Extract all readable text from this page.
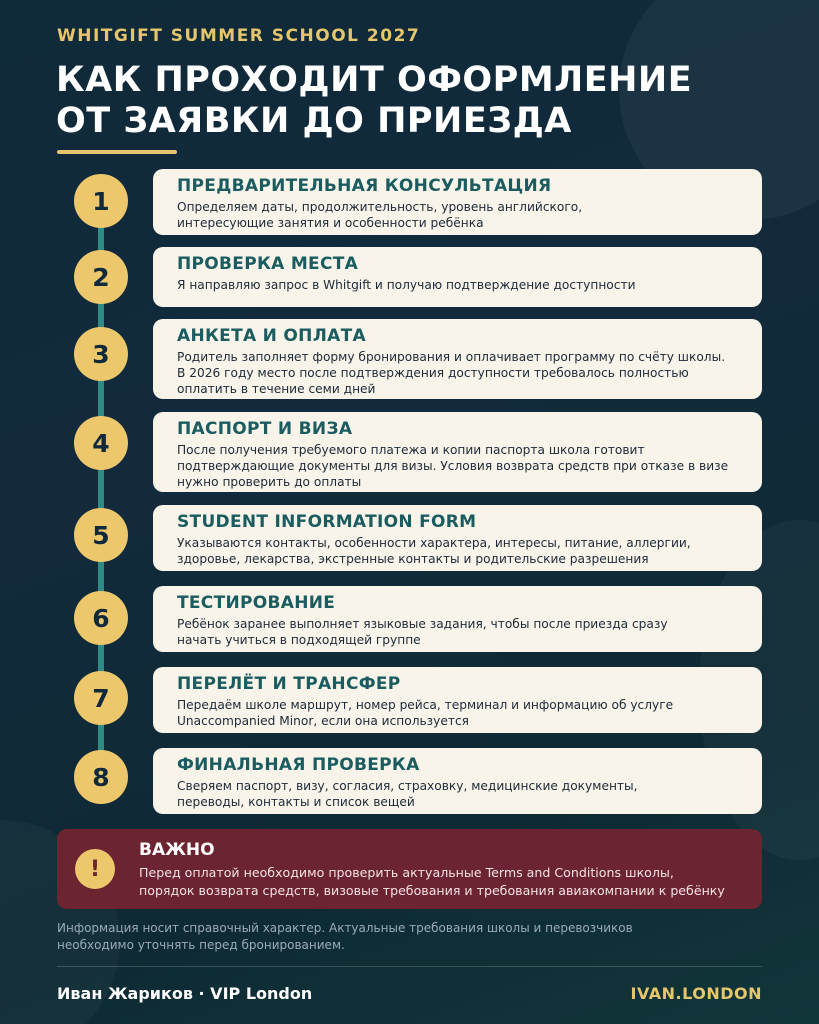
WHITGIFT SUMMER SCHOOL 2027
КАК ПРОХОДИТ ОФОРМЛЕНИЕ
ОТ ЗАЯВКИ ДО ПРИЕЗДА
1
ПРЕДВАРИТЕЛЬНАЯ КОНСУЛЬТАЦИЯ
Определяем даты, продолжительность, уровень английского,
интересующие занятия и особенности ребёнка
2	ПРОВЕРКА МЕСТА
Я направляю запрос в Whitgift и получаю подтверждение доступности
3
АНКЕТА И ОПЛАТА
Родитель заполняет форму бронирования и оплачивает программу по счёту школы.
В 2026 году место после подтверждения доступности требовалось полностью
оплатить в течение семи дней
4	ПАСПОРТ И ВИЗА
После получения требуемого платежа и копии паспорта школа готовит
подтверждающие документы для визы. Условия возврата средств при отказе в визе
нужно проверить до оплаты
5	STUDENT INFORMATION FORM
Указываются контакты, особенности характера, интересы, питание, аллергии,
здоровье, лекарства, экстренные контакты и родительские разрешения
6
ТЕСТИРОВАНИЕ
Ребёнок заранее выполняет языковые задания, чтобы после приезда сразу
начать учиться в подходящей группе
7	ПЕРЕЛЁТ И ТРАНСФЕР
Передаём школе маршрут, номер рейса, терминал и информацию об услуге
Unaccompanied Minor, если она используется
8	ФИНАЛЬНАЯ ПРОВЕРКА
Сверяем паспорт, визу, согласия, страховку, медицинские документы,
переводы, контакты и список вещей
!
ВАЖНО
Перед оплатой необходимо проверить актуальные Terms and Conditions школы,
порядок возврата средств, визовые требования и требования авиакомпании к ребёнку
Информация носит справочный характер. Актуальные требования школы и перевозчиков
необходимо уточнять перед бронированием.
Иван Жариков · VIP London	IVAN.LONDON
